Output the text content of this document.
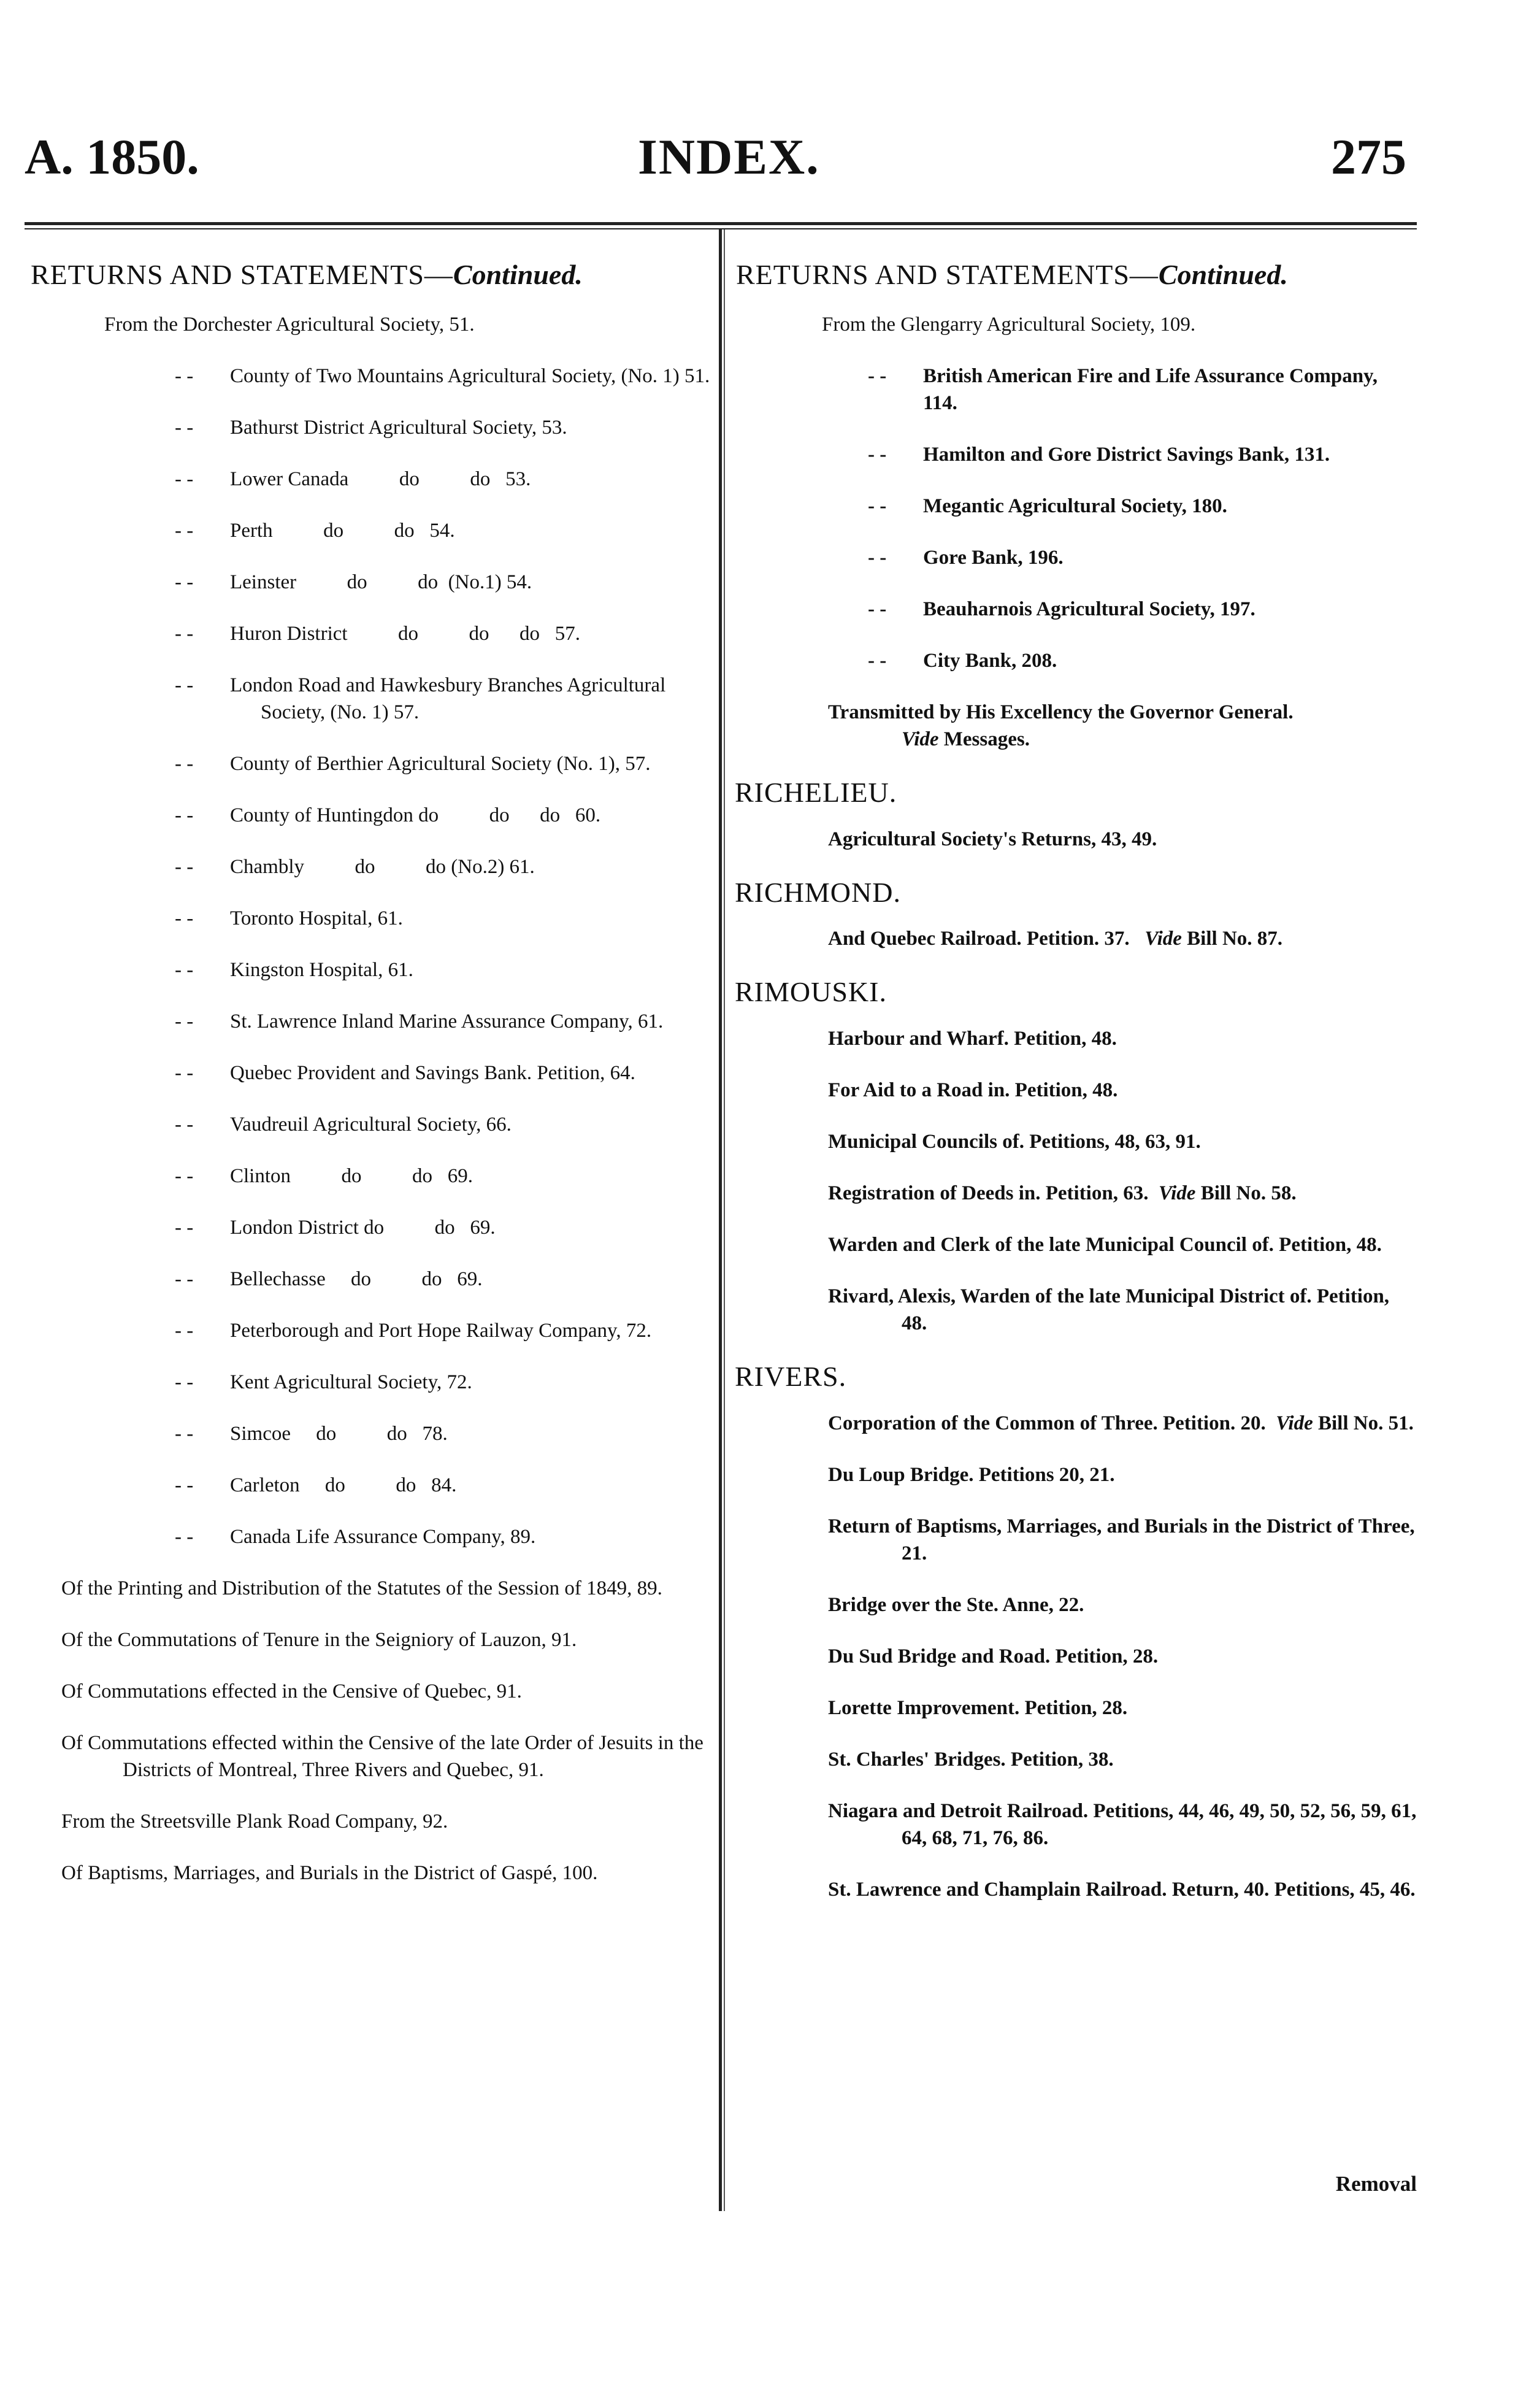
A. 1850.	INDEX.	275
RETURNS AND STATEMENTS—Continued.
From the Dorchester Agricultural Society, 51.
- - County of Two Mountains Agricultural Society, (No. 1) 51.
- - Bathurst District Agricultural Society, 53.
- - Lower Canada          do          do   53.
- - Perth          do          do   54.
- - Leinster          do          do  (No.1) 54.
- - Huron District          do          do      do   57.
- - London Road and Hawkesbury Branches Agricultural Society, (No. 1) 57.
- - County of Berthier Agricultural Society (No. 1), 57.
- - County of Huntingdon do          do      do   60.
- - Chambly          do          do (No.2) 61.
- - Toronto Hospital, 61.
- - Kingston Hospital, 61.
- - St. Lawrence Inland Marine Assurance Company, 61.
- - Quebec Provident and Savings Bank. Petition, 64.
- - Vaudreuil Agricultural Society, 66.
- - Clinton          do          do   69.
- - London District do          do   69.
- - Bellechasse     do          do   69.
- - Peterborough and Port Hope Railway Company, 72.
- - Kent Agricultural Society, 72.
- - Simcoe     do          do   78.
- - Carleton     do          do   84.
- - Canada Life Assurance Company, 89.
Of the Printing and Distribution of the Statutes of the Session of 1849, 89.
Of the Commutations of Tenure in the Seigniory of Lauzon, 91.
Of Commutations effected in the Censive of Quebec, 91.
Of Commutations effected within the Censive of the late Order of Jesuits in the Districts of Montreal, Three Rivers and Quebec, 91.
From the Streetsville Plank Road Company, 92.
Of Baptisms, Marriages, and Burials in the District of Gaspé, 100.
RETURNS AND STATEMENTS—Continued.
From the Glengarry Agricultural Society, 109.
- - British American Fire and Life Assurance Company, 114.
- - Hamilton and Gore District Savings Bank, 131.
- - Megantic Agricultural Society, 180.
- - Gore Bank, 196.
- - Beauharnois Agricultural Society, 197.
- - City Bank, 208.
Transmitted by His Excellency the Governor General.
Vide Messages.
RICHELIEU.
Agricultural Society's Returns, 43, 49.
RICHMOND.
And Quebec Railroad. Petition. 37. Vide Bill No. 87.
RIMOUSKI.
Harbour and Wharf. Petition, 48.
For Aid to a Road in. Petition, 48.
Municipal Councils of. Petitions, 48, 63, 91.
Registration of Deeds in. Petition, 63. Vide Bill No. 58.
Warden and Clerk of the late Municipal Council of. Petition, 48.
Rivard, Alexis, Warden of the late Municipal District of. Petition, 48.
RIVERS.
Corporation of the Common of Three. Petition. 20. Vide Bill No. 51.
Du Loup Bridge. Petitions 20, 21.
Return of Baptisms, Marriages, and Burials in the District of Three, 21.
Bridge over the Ste. Anne, 22.
Du Sud Bridge and Road. Petition, 28.
Lorette Improvement. Petition, 28.
St. Charles' Bridges. Petition, 38.
Niagara and Detroit Railroad. Petitions, 44, 46, 49, 50, 52, 56, 59, 61, 64, 68, 71, 76, 86.
St. Lawrence and Champlain Railroad. Return, 40. Petitions, 45, 46.
Removal
